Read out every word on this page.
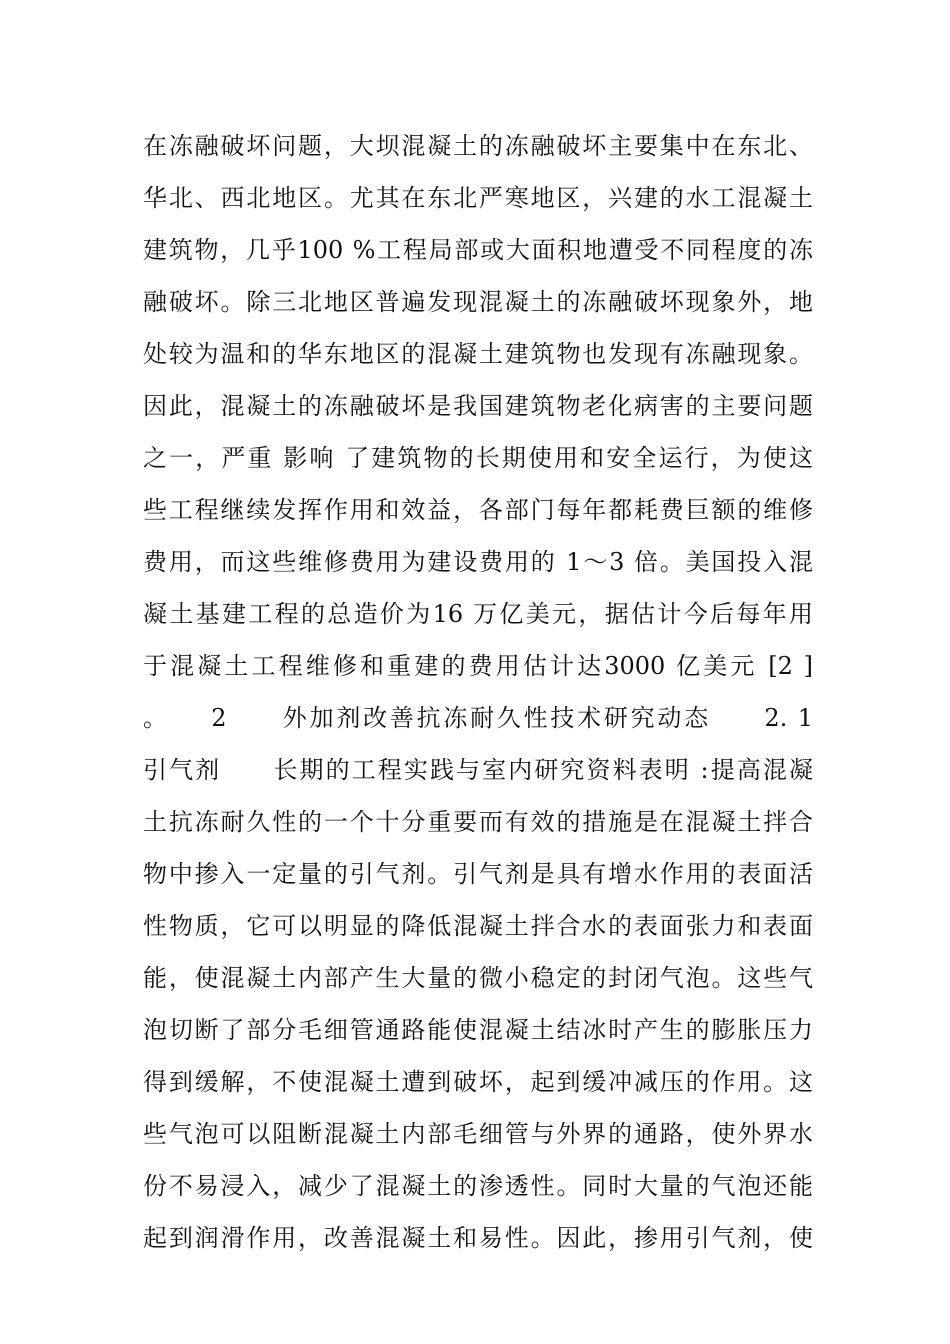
在冻融破坏问题，大坝混凝土的冻融破坏主要集中在东北、
华北、西北地区。尤其在东北严寒地区，兴建的水工混凝土
建筑物，几乎100 %工程局部或大面积地遭受不同程度的冻
融破坏。除三北地区普遍发现混凝土的冻融破坏现象外，地
处较为温和的华东地区的混凝土建筑物也发现有冻融现象。
因此，混凝土的冻融破坏是我国建筑物老化病害的主要问题
之一，严重 影响 了建筑物的长期使用和安全运行，为使这
些工程继续发挥作用和效益，各部门每年都耗费巨额的维修
费用，而这些维修费用为建设费用的 1～3 倍。美国投入混
凝土基建工程的总造价为16 万亿美元，据估计今后每年用
于混凝土工程维修和重建的费用估计达3000 亿美元 [2 ]
。　　2　　外加剂改善抗冻耐久性技术研究动态　　2. 1
引气剂　　长期的工程实践与室内研究资料表明 :提高混凝
土抗冻耐久性的一个十分重要而有效的措施是在混凝土拌合
物中掺入一定量的引气剂。引气剂是具有增水作用的表面活
性物质，它可以明显的降低混凝土拌合水的表面张力和表面
能，使混凝土内部产生大量的微小稳定的封闭气泡。这些气
泡切断了部分毛细管通路能使混凝土结冰时产生的膨胀压力
得到缓解，不使混凝土遭到破坏，起到缓冲减压的作用。这
些气泡可以阻断混凝土内部毛细管与外界的通路，使外界水
份不易浸入，减少了混凝土的渗透性。同时大量的气泡还能
起到润滑作用，改善混凝土和易性。因此，掺用引气剂，使
